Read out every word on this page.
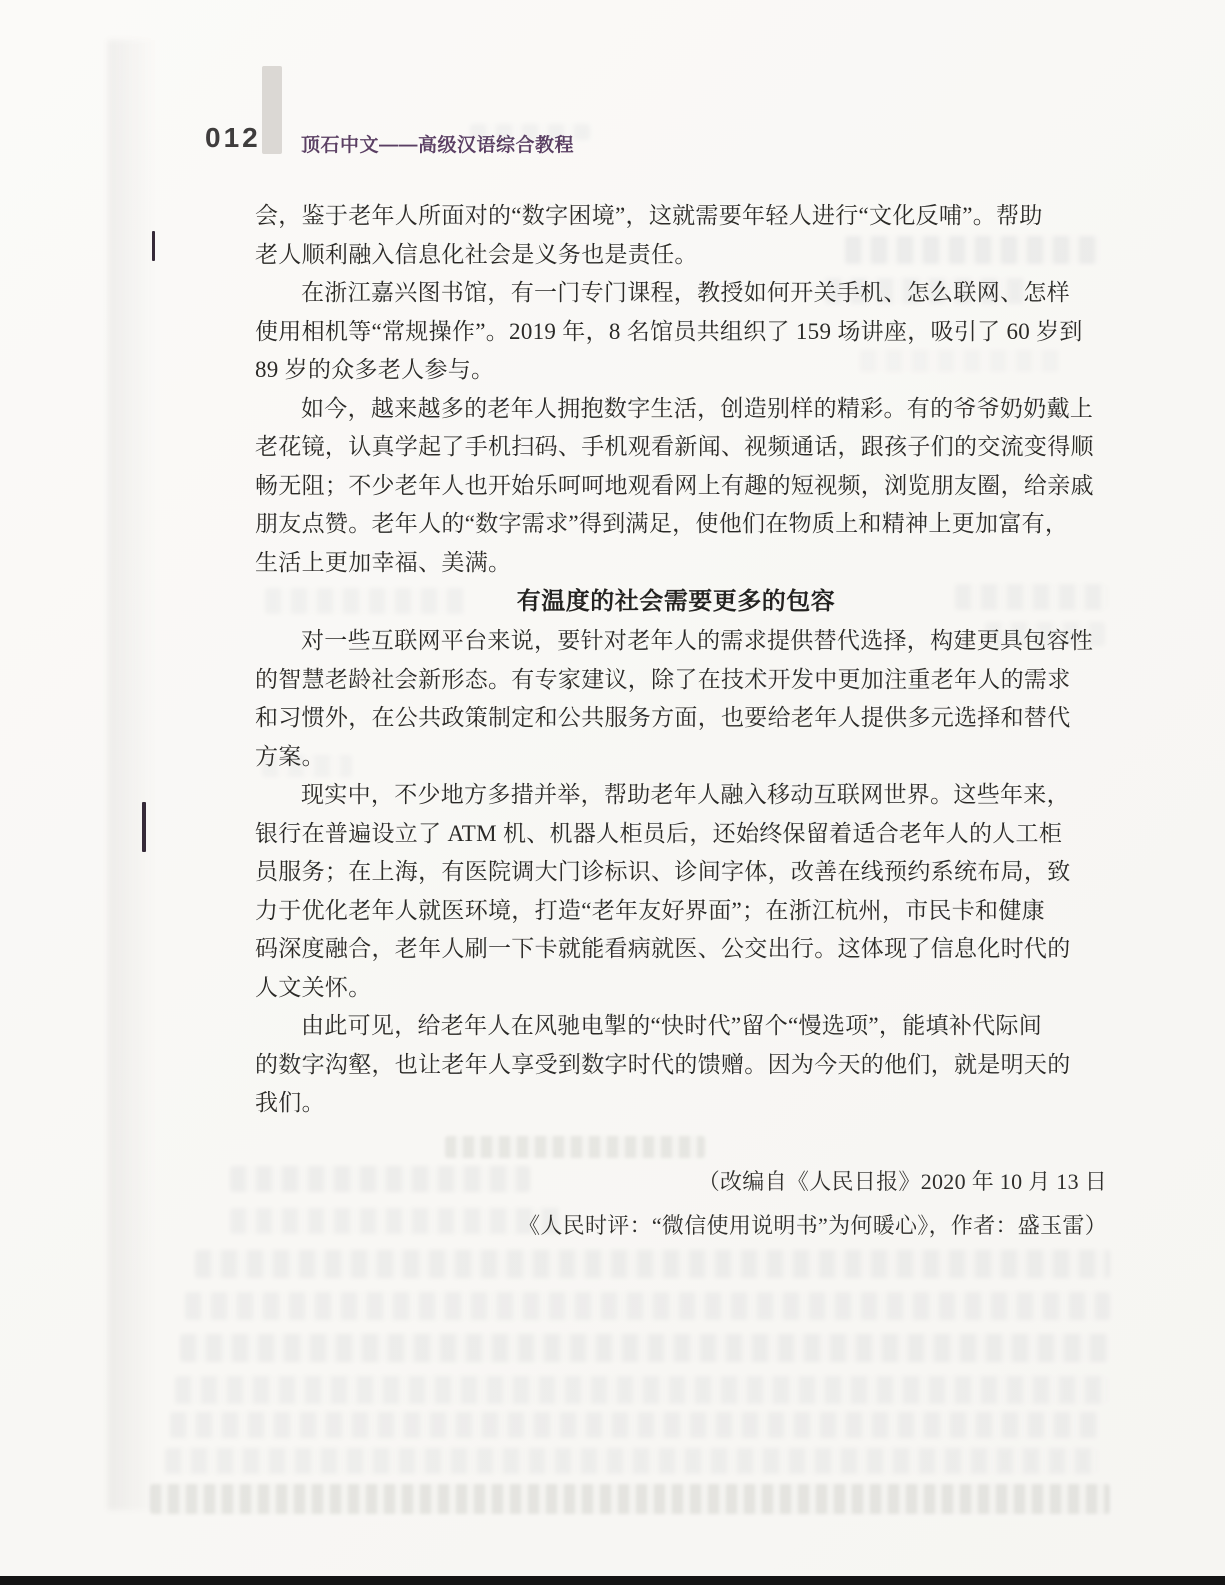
012 顶石中文——高级汉语综合教程
会，鉴于老年人所面对的“数字困境”，这就需要年轻人进行“文化反哺”。帮助
老人顺利融入信息化社会是义务也是责任。
在浙江嘉兴图书馆，有一门专门课程，教授如何开关手机、怎么联网、怎样
使用相机等“常规操作”。2019 年，8 名馆员共组织了 159 场讲座，吸引了 60 岁到
89 岁的众多老人参与。
如今，越来越多的老年人拥抱数字生活，创造别样的精彩。有的爷爷奶奶戴上
老花镜，认真学起了手机扫码、手机观看新闻、视频通话，跟孩子们的交流变得顺
畅无阻；不少老年人也开始乐呵呵地观看网上有趣的短视频，浏览朋友圈，给亲戚
朋友点赞。老年人的“数字需求”得到满足，使他们在物质上和精神上更加富有，
生活上更加幸福、美满。
有温度的社会需要更多的包容
对一些互联网平台来说，要针对老年人的需求提供替代选择，构建更具包容性
的智慧老龄社会新形态。有专家建议，除了在技术开发中更加注重老年人的需求
和习惯外，在公共政策制定和公共服务方面，也要给老年人提供多元选择和替代
方案。
现实中，不少地方多措并举，帮助老年人融入移动互联网世界。这些年来，
银行在普遍设立了 ATM 机、机器人柜员后，还始终保留着适合老年人的人工柜
员服务；在上海，有医院调大门诊标识、诊间字体，改善在线预约系统布局，致
力于优化老年人就医环境，打造“老年友好界面”；在浙江杭州，市民卡和健康
码深度融合，老年人刷一下卡就能看病就医、公交出行。这体现了信息化时代的
人文关怀。
由此可见，给老年人在风驰电掣的“快时代”留个“慢选项”，能填补代际间
的数字沟壑，也让老年人享受到数字时代的馈赠。因为今天的他们，就是明天的
我们。
（改编自《人民日报》2020 年 10 月 13 日
《人民时评：“微信使用说明书”为何暖心》，作者：盛玉雷）
